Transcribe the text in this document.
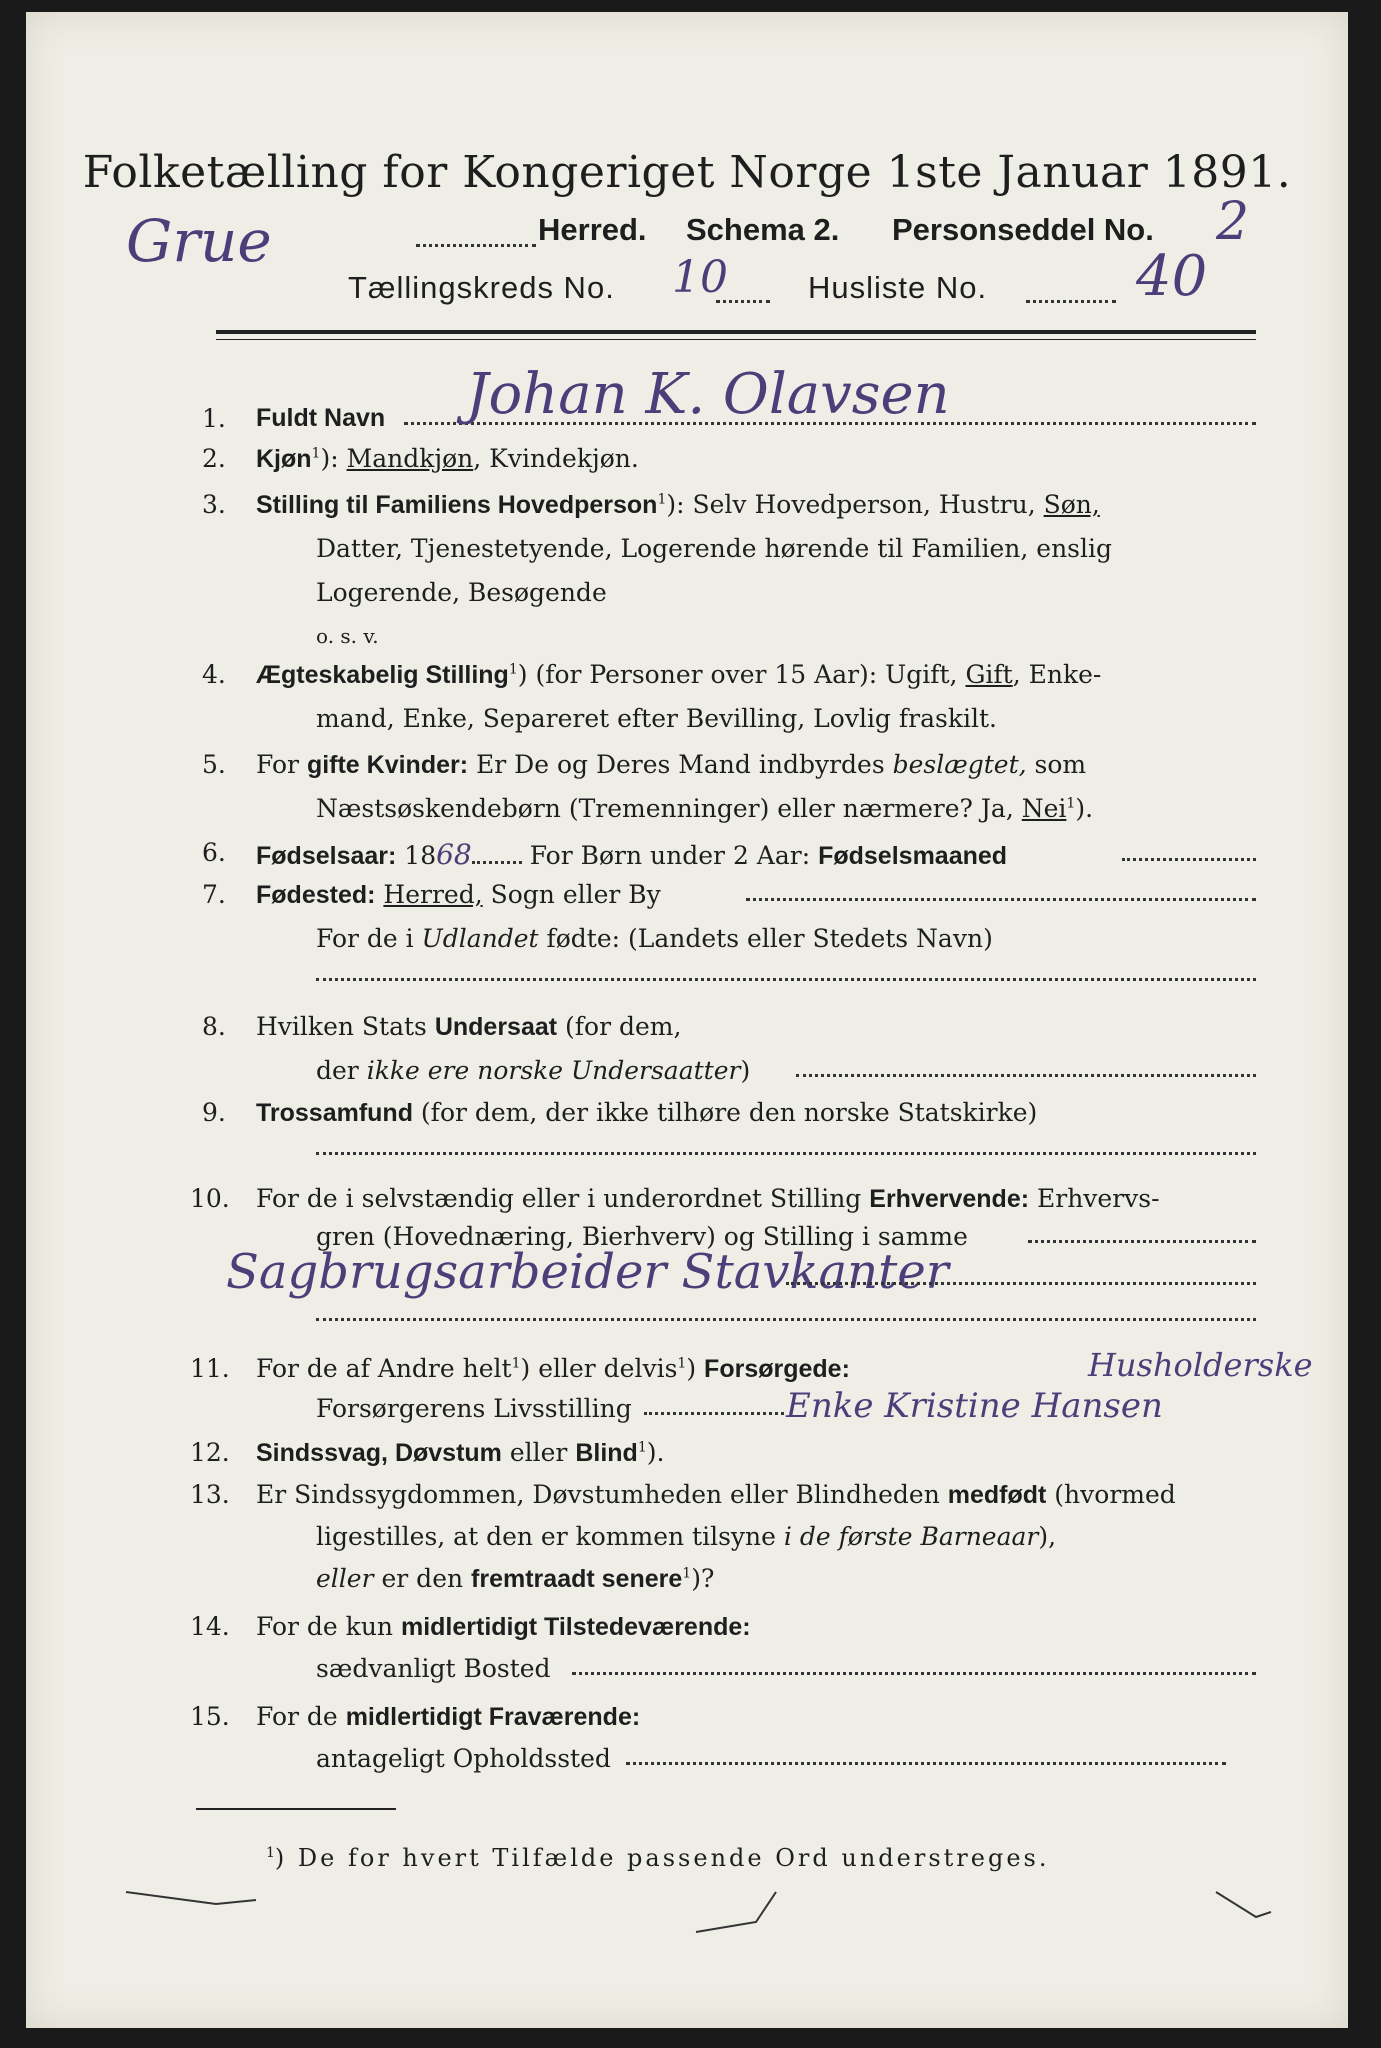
Folketælling for Kongeriget Norge 1ste Januar 1891.
Grue	Herred. Schema 2. Personseddel No. 2
Tællingskreds No. 10	Husliste No.	40
1. Fuldt Navn Johan K. Olavsen
2. Kjøn$^1$): Mandkjøn, Kvindekjøn.
3. Stilling til Familiens Hovedperson$^1$): Selv Hovedperson, Hustru, Søn,
Datter, Tjenestetyende, Logerende hørende til Familien, enslig
Logerende, Besøgende
o. s. v.
4. Ægteskabelig Stilling$^1$) (for Personer over 15 Aar): Ugift, Gift, Enke-
mand, Enke, Separeret efter Bevilling, Lovlig fraskilt.
5. For gifte Kvinder: Er De og Deres Mand indbyrdes beslægtet, som
Næstsøskendebørn (Tremenninger) eller nærmere? Ja, Nei$^1$).
6. Fødselsaar: 1868 For Børn under 2 Aar: Fødselsmaaned
7. Fødested: Herred, Sogn eller By
For de i Udlandet fødte: (Landets eller Stedets Navn)
8. Hvilken Stats Undersaat (for dem,
der ikke ere norske Undersaatter)
9. Trossamfund (for dem, der ikke tilhøre den norske Statskirke)
10. For de i selvstændig eller i underordnet Stilling Erhvervende: Erhvervs-
gren (Hovednæring, Bierhverv) og Stilling i samme
Sagbrugsarbeider Stavkanter
11. For de af Andre helt$^1$) eller delvis$^1$) Forsørgede:
Forsørgerens Livsstilling	Enke Kristine Hansen
Husholderske
12. Sindssvag, Døvstum eller Blind$^1$).
13. Er Sindssygdommen, Døvstumheden eller Blindheden medfødt (hvormed
ligestilles, at den er kommen tilsyne i de første Barneaar),
eller er den fremtraadt senere$^1$)?
14. For de kun midlertidigt Tilstedeværende:
sædvanligt Bosted
15. For de midlertidigt Fraværende:
antageligt Opholdssted
$^1$) De for hvert Tilfælde passende Ord understreges.
